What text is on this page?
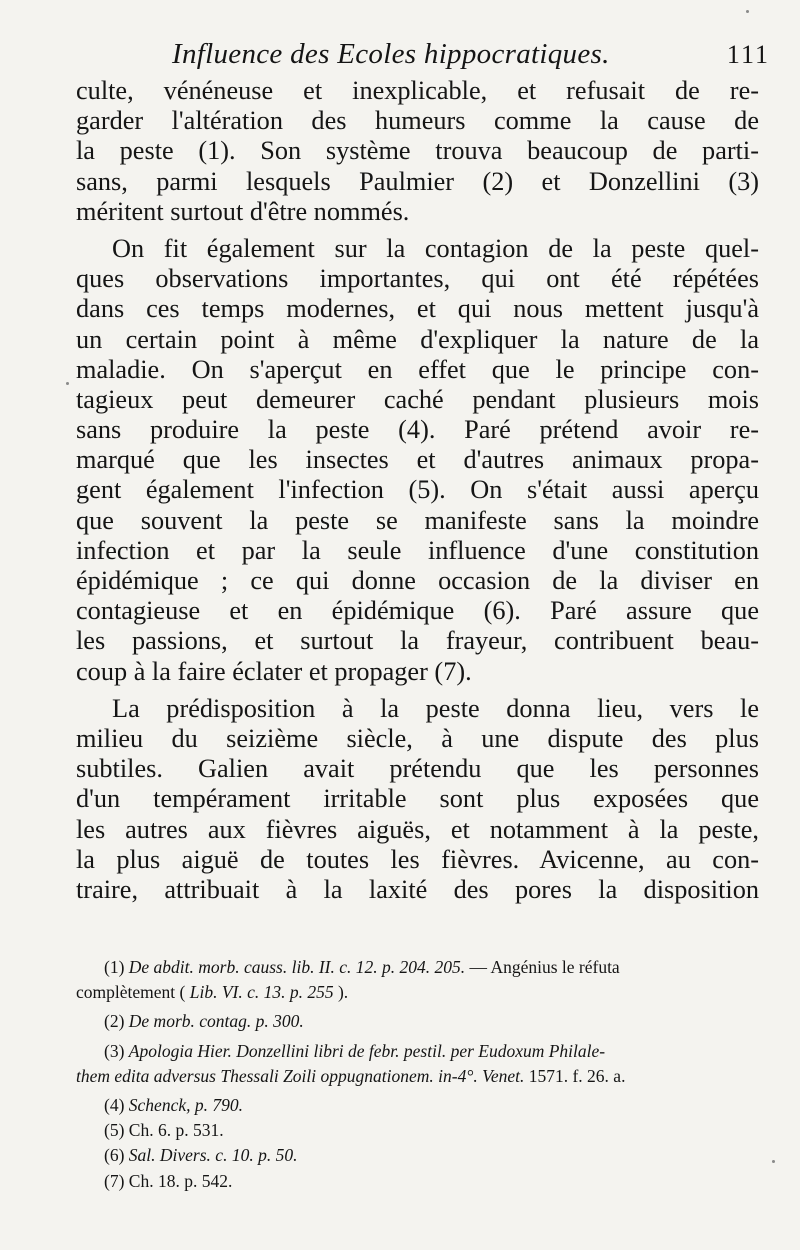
Influence des Ecoles hippocratiques.	111
culte, vénéneuse et inexplicable, et refusait de re-
garder l'altération des humeurs comme la cause de
la peste (1). Son système trouva beaucoup de parti-
sans, parmi lesquels Paulmier (2) et Donzellini (3)
méritent surtout d'être nommés.
On fit également sur la contagion de la peste quel-
ques observations importantes, qui ont été répétées
dans ces temps modernes, et qui nous mettent jusqu'à
un certain point à même d'expliquer la nature de la
maladie. On s'aperçut en effet que le principe con-
tagieux peut demeurer caché pendant plusieurs mois
sans produire la peste (4). Paré prétend avoir re-
marqué que les insectes et d'autres animaux propa-
gent également l'infection (5). On s'était aussi aperçu
que souvent la peste se manifeste sans la moindre
infection et par la seule influence d'une constitution
épidémique ; ce qui donne occasion de la diviser en
contagieuse et en épidémique (6). Paré assure que
les passions, et surtout la frayeur, contribuent beau-
coup à la faire éclater et propager (7).
La prédisposition à la peste donna lieu, vers le
milieu du seizième siècle, à une dispute des plus
subtiles. Galien avait prétendu que les personnes
d'un tempérament irritable sont plus exposées que
les autres aux fièvres aiguës, et notamment à la peste,
la plus aiguë de toutes les fièvres. Avicenne, au con-
traire, attribuait à la laxité des pores la disposition
(1) De abdit. morb. causs. lib. II. c. 12. p. 204. 205. — Angénius le réfuta
complètement ( Lib. VI. c. 13. p. 255 ).
(2) De morb. contag. p. 300.
(3) Apologia Hier. Donzellini libri de febr. pestil. per Eudoxum Philale-
them edita adversus Thessali Zoili oppugnationem. in-4°. Venet. 1571. f. 26. a.
(4) Schenck, p. 790.
(5) Ch. 6. p. 531.
(6) Sal. Divers. c. 10. p. 50.
(7) Ch. 18. p. 542.
